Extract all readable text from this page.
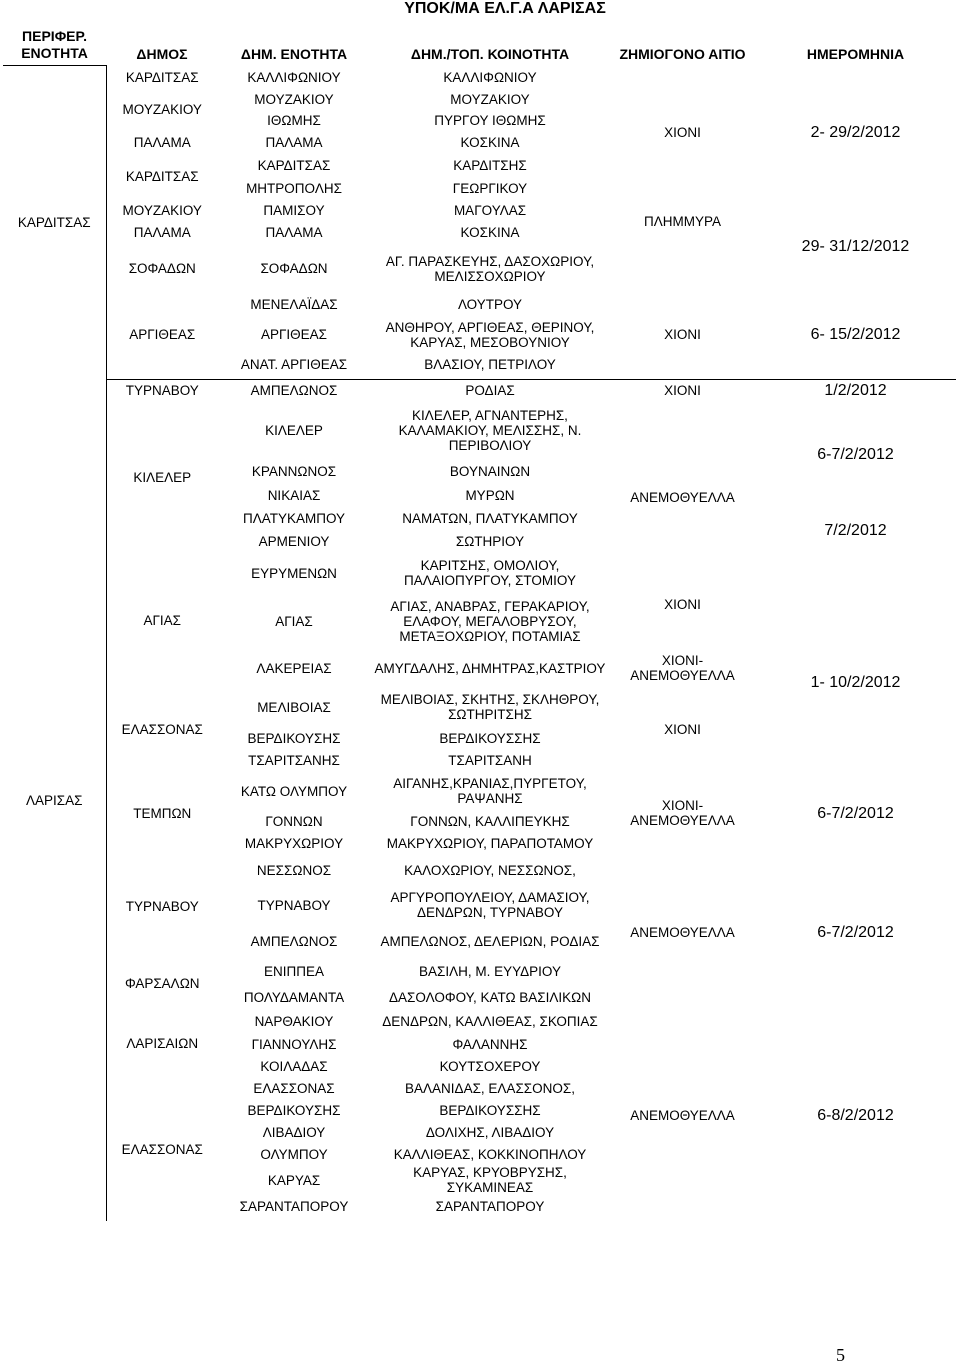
ΥΠΟΚ/ΜΑ ΕΛ.Γ.Α ΛΑΡΙΣΑΣ
ΠΕΡΙΦΕΡ. ΕΝΟΤΗΤΑ	ΔΗΜΟΣ	ΔΗΜ. ΕΝΟΤΗΤΑ	ΔΗΜ./ΤΟΠ. ΚΟΙΝΟΤΗΤΑ	ΖΗΜΙΟΓΟΝΟ ΑΙΤΙΟ	ΗΜΕΡΟΜΗΝΙΑ
ΚΑΡΔΙΤΣΑΣ	ΚΑΡΔΙΤΣΑΣ	ΚΑΛΛΙΦΩΝΙΟΥ	ΚΑΛΛΙΦΩΝΙΟΥ	ΧΙΟΝΙ	2- 29/2/2012
	ΜΟΥΖΑΚΙΟΥ	ΜΟΥΖΑΚΙΟΥ	ΜΟΥΖΑΚΙΟΥ		
		ΙΘΩΜΗΣ	ΠΥΡΓΟΥ ΙΘΩΜΗΣ		
	ΠΑΛΑΜΑ	ΠΑΛΑΜΑ	ΚΟΣΚΙΝΑ		
	ΚΑΡΔΙΤΣΑΣ	ΚΑΡΔΙΤΣΑΣ	ΚΑΡΔΙΤΣΗΣ		
		ΜΗΤΡΟΠΟΛΗΣ	ΓΕΩΡΓΙΚΟΥ		
	ΜΟΥΖΑΚΙΟΥ	ΠΑΜΙΣΟΥ	ΜΑΓΟΥΛΑΣ	ΠΛΗΜΜΥΡΑ	29- 31/12/2012
	ΠΑΛΑΜΑ	ΠΑΛΑΜΑ	ΚΟΣΚΙΝΑ		
	ΣΟΦΑΔΩΝ	ΣΟΦΑΔΩΝ	ΑΓ. ΠΑΡΑΣΚΕΥΗΣ, ΔΑΣΟΧΩΡΙΟΥ, ΜΕΛΙΣΣΟΧΩΡΙΟΥ		
	ΑΡΓΙΘΕΑΣ	ΜΕΝΕΛΑΪΔΑΣ	ΛΟΥΤΡΟΥ	ΧΙΟΝΙ	6- 15/2/2012
		ΑΡΓΙΘΕΑΣ	ΑΝΘΗΡΟΥ, ΑΡΓΙΘΕΑΣ, ΘΕΡΙΝΟΥ, ΚΑΡΥΑΣ, ΜΕΣΟΒΟΥΝΙΟΥ		
		ΑΝΑΤ. ΑΡΓΙΘΕΑΣ	ΒΛΑΣΙΟΥ, ΠΕΤΡΙΛΟΥ		

ΛΑΡΙΣΑΣ	ΤΥΡΝΑΒΟΥ	ΑΜΠΕΛΩΝΟΣ	ΡΟΔΙΑΣ	ΧΙΟΝΙ	1/2/2012
	ΚΙΛΕΛΕΡ	ΚΙΛΕΛΕΡ	ΚΙΛΕΛΕΡ, ΑΓΝΑΝΤΕΡΗΣ, ΚΑΛΑΜΑΚΙΟΥ, ΜΕΛΙΣΣΗΣ, Ν. ΠΕΡΙΒΟΛΙΟΥ	ΑΝΕΜΟΘΥΕΛΛΑ	6-7/2/2012
		ΚΡΑΝΝΩΝΟΣ	ΒΟΥΝΑΙΝΩΝ		
		ΝΙΚΑΙΑΣ	ΜΥΡΩΝ		
		ΠΛΑΤΥΚΑΜΠΟΥ	ΝΑΜΑΤΩΝ, ΠΛΑΤΥΚΑΜΠΟΥ		7/2/2012
		ΑΡΜΕΝΙΟΥ	ΣΩΤΗΡΙΟΥ		
	ΑΓΙΑΣ	ΕΥΡΥΜΕΝΩΝ	ΚΑΡΙΤΣΗΣ, ΟΜΟΛΙΟΥ, ΠΑΛΑΙΟΠΥΡΓΟΥ, ΣΤΟΜΙΟΥ		
		ΑΓΙΑΣ	ΑΓΙΑΣ, ΑΝΑΒΡΑΣ, ΓΕΡΑΚΑΡΙΟΥ, ΕΛΑΦΟΥ, ΜΕΓΑΛΟΒΡΥΣΟΥ, ΜΕΤΑΞΟΧΩΡΙΟΥ, ΠΟΤΑΜΙΑΣ	ΧΙΟΝΙ	1- 10/2/2012
		ΛΑΚΕΡΕΙΑΣ	ΑΜΥΓΔΑΛΗΣ, ΔΗΜΗΤΡΑΣ,ΚΑΣΤΡΙΟΥ	ΧΙΟΝΙ- ΑΝΕΜΟΘΥΕΛΛΑ	
	ΕΛΑΣΣΟΝΑΣ	ΜΕΛΙΒΟΙΑΣ	ΜΕΛΙΒΟΙΑΣ, ΣΚΗΤΗΣ, ΣΚΛΗΘΡΟΥ, ΣΩΤΗΡΙΤΣΗΣ	ΧΙΟΝΙ	
		ΒΕΡΔΙΚΟΥΣΗΣ	ΒΕΡΔΙΚΟΥΣΣΗΣ		
		ΤΣΑΡΙΤΣΑΝΗΣ	ΤΣΑΡΙΤΣΑΝΗ		
	ΤΕΜΠΩΝ	ΚΑΤΩ ΟΛΥΜΠΟΥ	ΑΙΓΑΝΗΣ,ΚΡΑΝΙΑΣ,ΠΥΡΓΕΤΟΥ, ΡΑΨΑΝΗΣ	ΧΙΟΝΙ- ΑΝΕΜΟΘΥΕΛΛΑ	6-7/2/2012
		ΓΟΝΝΩΝ	ΓΟΝΝΩΝ, ΚΑΛΛΙΠΕΥΚΗΣ		
		ΜΑΚΡΥΧΩΡΙΟΥ	ΜΑΚΡΥΧΩΡΙΟΥ, ΠΑΡΑΠΟΤΑΜΟΥ		
	ΤΥΡΝΑΒΟΥ	ΝΕΣΣΩΝΟΣ	ΚΑΛΟΧΩΡΙΟΥ, ΝΕΣΣΩΝΟΣ,	ΑΝΕΜΟΘΥΕΛΛΑ	6-7/2/2012
		ΤΥΡΝΑΒΟΥ	ΑΡΓΥΡΟΠΟΥΛΕΙΟΥ, ΔΑΜΑΣΙΟΥ, ΔΕΝΔΡΩΝ, ΤΥΡΝΑΒΟΥ		
		ΑΜΠΕΛΩΝΟΣ	ΑΜΠΕΛΩΝΟΣ, ΔΕΛΕΡΙΩΝ, ΡΟΔΙΑΣ		
	ΦΑΡΣΑΛΩΝ	ΕΝΙΠΠΕΑ	ΒΑΣΙΛΗ, Μ. ΕΥΥΔΡΙΟΥ		
		ΠΟΛΥΔΑΜΑΝΤΑ	ΔΑΣΟΛΟΦΟΥ, ΚΑΤΩ ΒΑΣΙΛΙΚΩΝ		
	ΛΑΡΙΣΑΙΩΝ	ΝΑΡΘΑΚΙΟΥ	ΔΕΝΔΡΩΝ, ΚΑΛΛΙΘΕΑΣ, ΣΚΟΠΙΑΣ	ΑΝΕΜΟΘΥΕΛΛΑ	6-8/2/2012
		ΓΙΑΝΝΟΥΛΗΣ	ΦΑΛΑΝΝΗΣ		
		ΚΟΙΛΑΔΑΣ	ΚΟΥΤΣΟΧΕΡΟΥ		
	ΕΛΑΣΣΟΝΑΣ	ΕΛΑΣΣΟΝΑΣ	ΒΑΛΑΝΙΔΑΣ, ΕΛΑΣΣΟΝΟΣ,		
		ΒΕΡΔΙΚΟΥΣΗΣ	ΒΕΡΔΙΚΟΥΣΣΗΣ		
		ΛΙΒΑΔΙΟΥ	ΔΟΛΙΧΗΣ, ΛΙΒΑΔΙΟΥ		
		ΟΛΥΜΠΟΥ	ΚΑΛΛΙΘΕΑΣ, ΚΟΚΚΙΝΟΠΗΛΟΥ		
		ΚΑΡΥΑΣ	ΚΑΡΥΑΣ, ΚΡΥΟΒΡΥΣΗΣ, ΣΥΚΑΜΙΝΕΑΣ		
		ΣΑΡΑΝΤΑΠΟΡΟΥ	ΣΑΡΑΝΤΑΠΟΡΟΥ		

5
